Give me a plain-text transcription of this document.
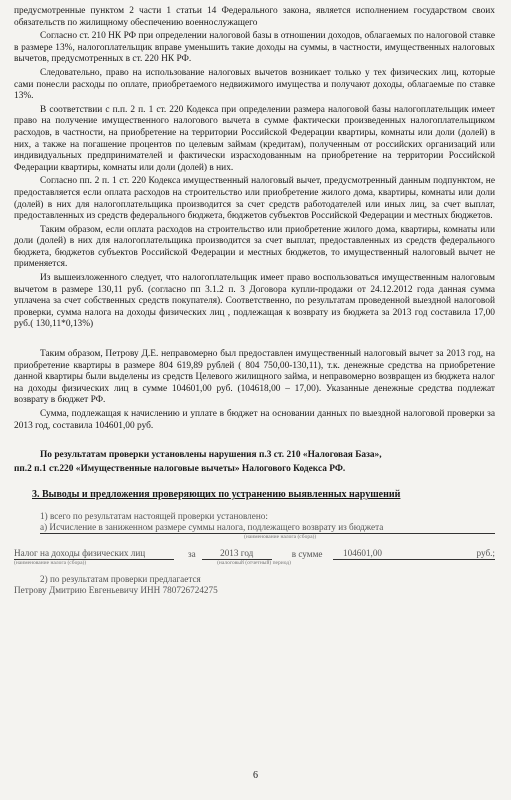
предусмотренные пунктом 2 части 1 статьи 14 Федерального закона, является исполнением государством своих обязательств по жилищному обеспечению военнослужащего

Согласно ст. 210 НК РФ при определении налоговой базы в отношении доходов, облагаемых по налоговой ставке в размере 13%, налогоплательщик вправе уменьшить такие доходы на суммы, в частности, имущественных налоговых вычетов, предусмотренных в ст. 220 НК РФ.

Следовательно, право на использование налоговых вычетов возникает только у тех физических лиц, которые сами понесли расходы по оплате, приобретаемого недвижимого имущества и получают доходы, облагаемые по ставке 13%.

В соответствии с п.п. 2 п. 1 ст. 220 Кодекса при определении размера налоговой базы налогоплательщик имеет право на получение имущественного налогового вычета в сумме фактически произведенных налогоплательщиком расходов, в частности, на приобретение на территории Российской Федерации квартиры, комнаты или доли (долей) в них, а также на погашение процентов по целевым займам (кредитам), полученным от российских организаций или индивидуальных предпринимателей и фактически израсходованным на приобретение на территории Российской Федерации квартиры, комнаты или доли (долей) в них.

Согласно пп. 2 п. 1 ст. 220 Кодекса имущественный налоговый вычет, предусмотренный данным подпунктом, не предоставляется если оплата расходов на строительство или приобретение жилого дома, квартиры, комнаты или доли (долей) в них для налогоплательщика производится за счет средств работодателей или иных лиц, за счет выплат, предоставленных из средств федерального бюджета, бюджетов субъектов Российской Федерации и местных бюджетов.

Таким образом, если оплата расходов на строительство или приобретение жилого дома, квартиры, комнаты или доли (долей) в них для налогоплательщика производится за счет выплат, предоставленных из средств федерального бюджета, бюджетов субъектов Российской Федерации и местных бюджетов, то имущественный налоговый вычет не применяется.

Из вышеизложенного следует, что налогоплательщик имеет право воспользоваться имущественным налоговым вычетом в размере 130,11 руб. (согласно пп 3.1.2 п. 3 Договора купли-продажи от 24.12.2012 года данная сумма уплачена за счет собственных средств покупателя). Соответственно, по результатам проведенной выездной налоговой проверки, сумма налога на доходы физических лиц , подлежащая к возврату из бюджета за 2013 год составила 17,00 руб.( 130,11*0,13%)

Таким образом, Петрову Д.Е. неправомерно был предоставлен имущественный налоговый вычет за 2013 год, на приобретение квартиры в размере 804 619,89 рублей ( 804 750,00-130,11), т.к. денежные средства на приобретение данной квартиры были выделены из средств Целевого жилищного займа, и неправомерно возвращен из бюджета налог на доходы физических лиц в сумме 104601,00 руб. (104618,00 – 17,00). Указанные денежные средства подлежат возврату в бюджет РФ.

Сумма, подлежащая к начислению и уплате в бюджет на основании данных по выездной налоговой проверки за 2013 год, составила 104601,00 руб.

По результатам проверки установлены нарушения п.3 ст. 210 «Налоговая База»,

пп.2 п.1 ст.220 «Имущественные налоговые вычеты» Налогового Кодекса РФ.

3. Выводы и предложения проверяющих по устранению выявленных нарушений
1) всего по результатам настоящей проверки установлено:
а) Исчисление в заниженном размере суммы налога, подлежащего возврату из бюджета
(наименование налога (сбора))
Налог на доходы физических лиц	за	2013 год	в сумме	104601,00	руб.;
(наименование налога (сбора))	(налоговый (отчетный) период)
2) по результатам проверки предлагается
Петрову Дмитрию Евгеньевичу ИНН 780726724275
6
